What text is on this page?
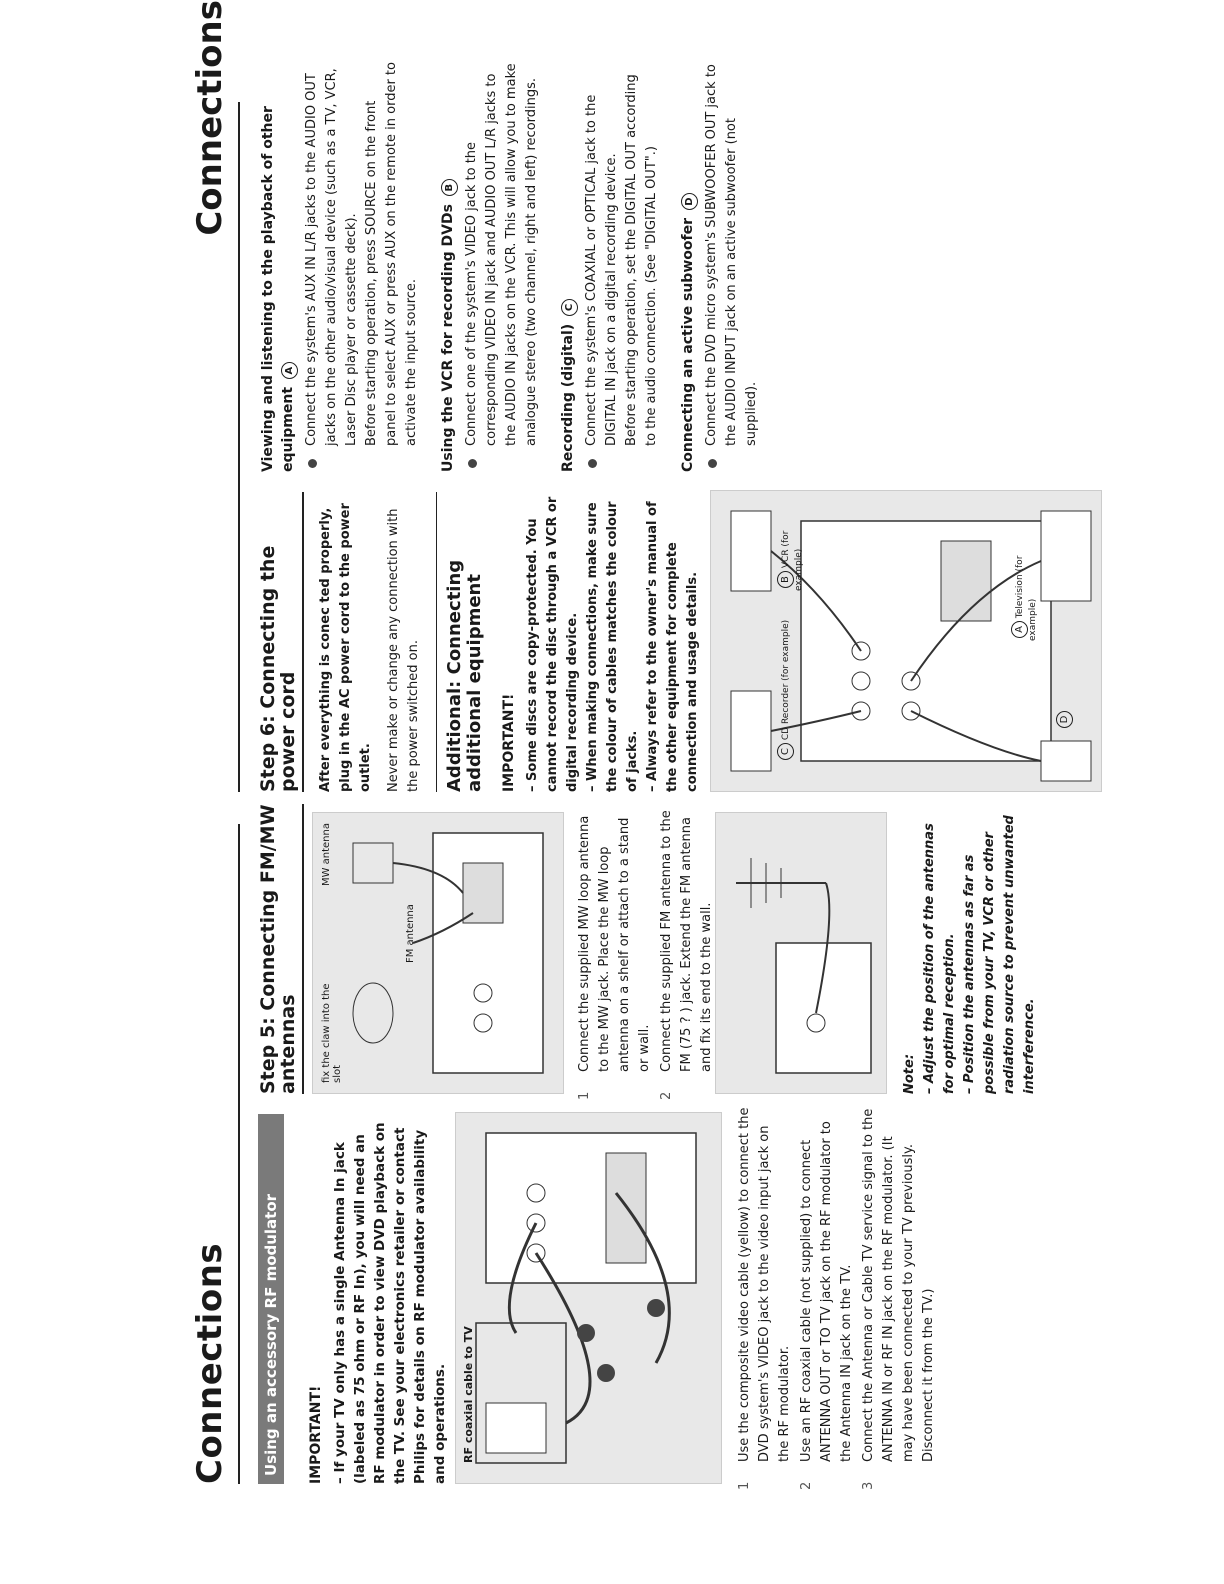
Connections Using an accessory RF modulator IMPORTANT! – If your TV only has a single Antenna In jack (labeled as 75 ohm or RF In), you will need an RF modulator in order to view DVD playback on the TV. See your electronics retailer or contact Philips for details on RF modulator availability and operations. RF coaxial cable to TV
1
Use the composite video cable (yellow) to connect the DVD system's VIDEO jack to the video input jack on the RF modulator.
2
Use an RF coaxial cable (not supplied) to connect ANTENNA OUT or TO TV jack on the RF modulator to the Antenna IN jack on the TV.
3
Connect the Antenna or Cable TV service signal to the ANTENNA IN or RF IN jack on the RF modulator. (It may have been connected to your TV previously. Disconnect it from the TV.)
Step 5: Connecting FM/MW antennas	fix the claw into the slot
MW antenna
FM antenna
1
Connect the supplied MW loop antenna to the MW jack. Place the MW loop antenna on a shelf or attach to a stand or wall.
2
Connect the supplied FM antenna to the FM (75 ? ) jack. Extend the FM antenna and fix its end to the wall.
Note: – Adjust the position of the antennas for optimal reception. – Position the antennas as far as possible from your TV, VCR or other radiation source to prevent unwanted interference.
Connections
Step 6: Connecting the power cord	After everything is conec ted properly, plug in the AC power cord to the power outlet. Never make or change any connection with the power switched on.	Additional: Connecting additional equipment IMPORTANT! – Some discs are copy-protected. You cannot record the disc through a VCR or digital recording device. – When making connections, make sure the colour of cables matches the colour of jacks. – Always refer to the owner's manual of the other equipment for complete connection and usage details.	C CD Recorder (for example)
B VCR (for example)
A Television (for example)
D

Viewing and listening to the playback of other equipment A Connect the system's AUX IN L/R jacks to the AUDIO OUT jacks on the other audio/visual device (such as a TV, VCR, Laser Disc player or cassette deck). Before starting operation, press SOURCE on the front panel to select AUX or press AUX on the remote in order to activate the input source. Using the VCR for recording DVDs B Connect one of the system's VIDEO jack to the corresponding VIDEO IN jack and AUDIO OUT L/R jacks to the AUDIO IN jacks on the VCR. This will allow you to make analogue stereo (two channel, right and left) recordings. Recording (digital) C Connect the system's COAXIAL or OPTICAL jack to the DIGITAL IN jack on a digital recording device. Before starting operation, set the DIGITAL OUT according to the audio connection. (See "DIGITAL OUT".) Connecting an active subwoofer D Connect the DVD micro system's SUBWOOFER OUT jack to the AUDIO INPUT jack on an active subwoofer (not supplied).
